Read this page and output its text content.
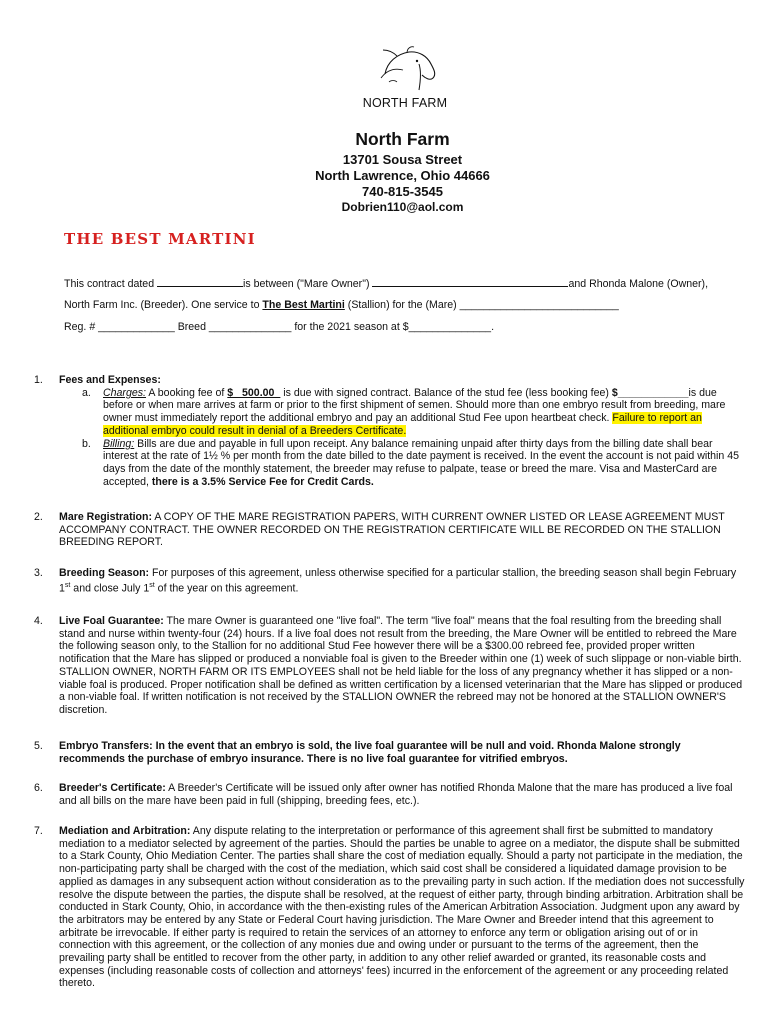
NORTH FARM
North Farm
13701 Sousa Street
North Lawrence, Ohio 44666
740-815-3545
Dobrien110@aol.com
THE BEST MARTINI
This contract dated	is between ("Mare Owner")	and Rhonda Malone (Owner),
North Farm Inc. (Breeder). One service to The Best Martini (Stallion) for the (Mare) ___________________________
Reg. # _____________ Breed ______________ for the 2021 season at $______________.
1. Fees and Expenses:
a. Charges: A booking fee of $_ 500.00_ is due with signed contract. Balance of the stud fee (less booking fee) $____________is due before or when mare arrives at farm or prior to the first shipment of semen. Should more than one embryo result from breeding, mare owner must immediately report the additional embryo and pay an additional Stud Fee upon heartbeat check. Failure to report an additional embryo could result in denial of a Breeders Certificate.
b. Billing: Bills are due and payable in full upon receipt. Any balance remaining unpaid after thirty days from the billing date shall bear interest at the rate of 1½ % per month from the date billed to the date payment is received. In the event the account is not paid within 45 days from the date of the monthly statement, the breeder may refuse to palpate, tease or breed the mare. Visa and MasterCard are accepted, there is a 3.5% Service Fee for Credit Cards.
2. Mare Registration: A COPY OF THE MARE REGISTRATION PAPERS, WITH CURRENT OWNER LISTED OR LEASE AGREEMENT MUST ACCOMPANY CONTRACT. THE OWNER RECORDED ON THE REGISTRATION CERTIFICATE WILL BE RECORDED ON THE STALLION BREEDING REPORT.
3. Breeding Season: For purposes of this agreement, unless otherwise specified for a particular stallion, the breeding season shall begin February 1st and close July 1st of the year on this agreement.
4. Live Foal Guarantee: The mare Owner is guaranteed one "live foal". The term "live foal" means that the foal resulting from the breeding shall stand and nurse within twenty-four (24) hours. If a live foal does not result from the breeding, the Mare Owner will be entitled to rebreed the Mare the following season only, to the Stallion for no additional Stud Fee however there will be a $300.00 rebreed fee, provided proper written notification that the Mare has slipped or produced a nonviable foal is given to the Breeder within one (1) week of such slippage or non-viable birth. STALLION OWNER, NORTH FARM OR ITS EMPLOYEES shall not be held liable for the loss of any pregnancy whether it has slipped or a non-viable foal is produced. Proper notification shall be defined as written certification by a licensed veterinarian that the Mare has slipped or produced a non-viable foal. If written notification is not received by the STALLION OWNER the rebreed may not be honored at the STALLION OWNER'S discretion.
5. Embryo Transfers: In the event that an embryo is sold, the live foal guarantee will be null and void. Rhonda Malone strongly recommends the purchase of embryo insurance. There is no live foal guarantee for vitrified embryos.
6. Breeder's Certificate: A Breeder's Certificate will be issued only after owner has notified Rhonda Malone that the mare has produced a live foal and all bills on the mare have been paid in full (shipping, breeding fees, etc.).
7. Mediation and Arbitration: Any dispute relating to the interpretation or performance of this agreement shall first be submitted to mandatory mediation to a mediator selected by agreement of the parties. Should the parties be unable to agree on a mediator, the dispute shall be submitted to a Stark County, Ohio Mediation Center. The parties shall share the cost of mediation equally. Should a party not participate in the mediation, the non-participating party shall be charged with the cost of the mediation, which said cost shall be considered a liquidated damage provision to be applied as damages in any subsequent action without consideration as to the prevailing party in such action. If the mediation does not successfully resolve the dispute between the parties, the dispute shall be resolved, at the request of either party, through binding arbitration. Arbitration shall be conducted in Stark County, Ohio, in accordance with the then-existing rules of the American Arbitration Association. Judgment upon any award by the arbitrators may be entered by any State or Federal Court having jurisdiction. The Mare Owner and Breeder intend that this agreement to arbitrate be irrevocable. If either party is required to retain the services of an attorney to enforce any term or obligation arising out of or in connection with this agreement, or the collection of any monies due and owing under or pursuant to the terms of the agreement, then the prevailing party shall be entitled to recover from the other party, in addition to any other relief awarded or granted, its reasonable costs and expenses (including reasonable costs of collection and attorneys' fees) incurred in the enforcement of the agreement or any proceeding related thereto.
